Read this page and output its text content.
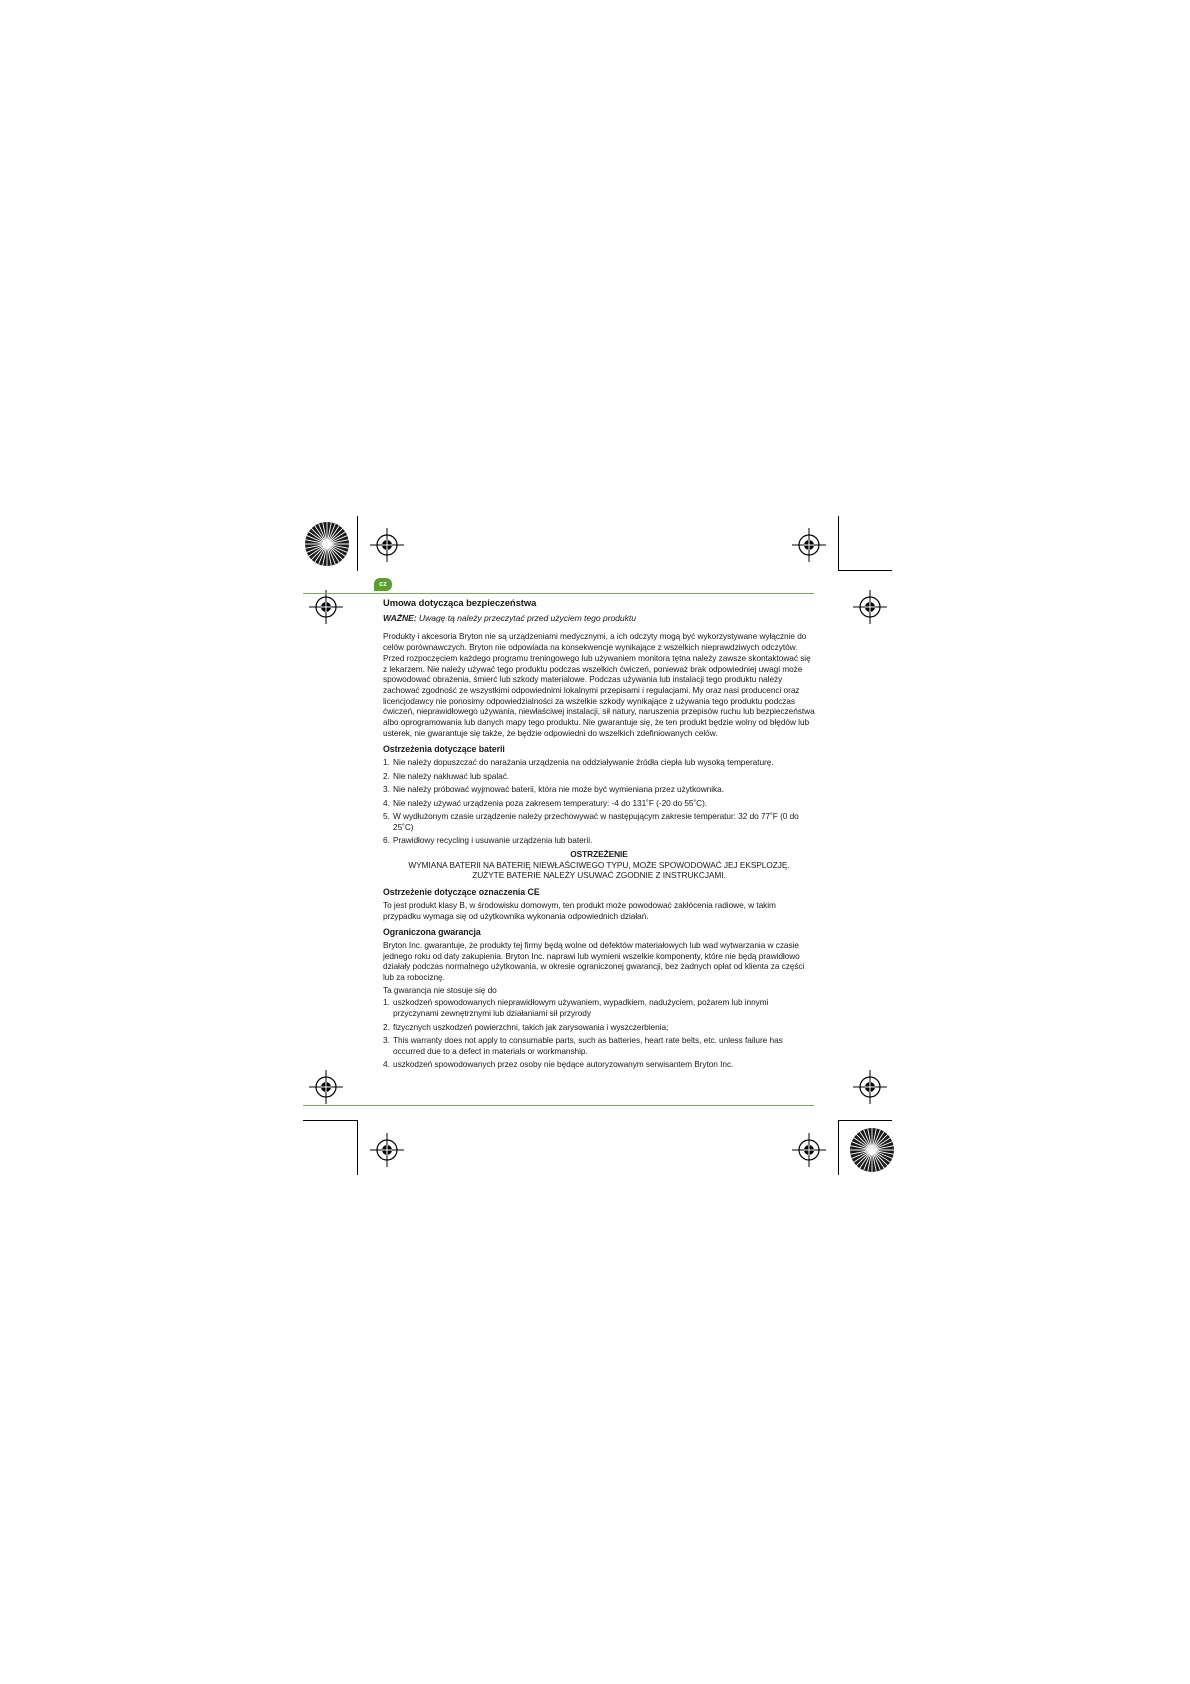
cz
Umowa dotycząca bezpieczeństwa
WAŻNE: Uwagę tą należy przeczytać przed użyciem tego produktu

Produkty i akcesoria Bryton nie są urządzeniami medycznymi, a ich odczyty mogą być wykorzystywane wyłącznie do celów porównawczych. Bryton nie odpowiada na konsekwencje wynikające z wszelkich nieprawdziwych odczytów. Przed rozpoczęciem każdego programu treningowego lub używaniem monitora tętna należy zawsze skontaktować się z lekarzem. Nie należy używać tego produktu podczas wszelkich ćwiczeń, ponieważ brak odpowiedniej uwagi może spowodować obrażenia, śmierć lub szkody materialowe. Podczas używania lub instalacji tego produktu należy zachować zgodność ze wszystkimi odpowiednimi lokalnymi przepisami i regulacjami. My oraz nasi producenci oraz licencjodawcy nie ponosimy odpowiedzialności za wszelkie szkody wynikające z używania tego produktu podczas ćwiczeń, nieprawidłowego używania, niewłaściwej instalacji, sił natury, naruszenia przepisów ruchu lub bezpieczeństwa albo oprogramowania lub danych mapy tego produktu. Nie gwarantuje się, że ten produkt będzie wolny od błędów lub usterek, nie gwarantuje się także, że będzie odpowiedni do wszelkich zdefiniowanych celów.

Ostrzeżenia dotyczące baterii
1. Nie należy dopuszczać do narażania urządzenia na oddziaływanie źródła ciepła lub wysoką temperaturę.
2. Nie należy nakłuwać lub spalać.
3. Nie należy próbować wyjmować baterii, która nie może być wymieniana przez użytkownika.
4. Nie należy używać urządzenia poza zakresem temperatury: -4 do 131˚F (-20 do 55˚C).
5. W wydłużonym czasie urządzenie należy przechowywać w następującym zakresie temperatur: 32 do 77˚F (0 do 25˚C)
6. Prawidłowy recycling i usuwanie urządzenia lub baterii.
OSTRZEŻENIE
WYMIANA BATERII NA BATERIĘ NIEWŁAŚCIWEGO TYPU, MOŻE SPOWODOWAĆ JEJ EKSPLOZJĘ.
ZUŻYTE BATERIE NALEŻY USUWAĆ ZGODNIE Z INSTRUKCJAMI.
Ostrzeżenie dotyczące oznaczenia CE

To jest produkt klasy B, w środowisku domowym, ten produkt może powodować zakłócenia radiowe, w takim przypadku wymaga się od użytkownika wykonania odpowiednich działań.

Ograniczona gwarancja

Bryton Inc. gwarantuje, że produkty tej firmy będą wolne od defektów materiałowych lub wad wytwarzania w czasie jednego roku od daty zakupienia. Bryton Inc. naprawi lub wymieni wszelkie komponenty, które nie będą prawidłowo działały podczas normalnego użytkowania, w okresie ograniczonej gwarancji, bez żadnych opłat od klienta za części lub za robociznę.

Ta gwarancja nie stosuje się do
1. uszkodzeń spowodowanych nieprawidłowym używaniem, wypadkiem, nadużyciem, pożarem lub innymi przyczynami zewnętrznymi lub działaniami sił przyrody
2. fizycznych uszkodzeń powierzchni, takich jak zarysowania i wyszczerbienia;
3. This warranty does not apply to consumable parts, such as batteries, heart rate belts, etc. unless failure has occurred due to a defect in materials or workmanship.
4. uszkodzeń spowodowanych przez osoby nie będące autoryzowanym serwisantem Bryton Inc.
